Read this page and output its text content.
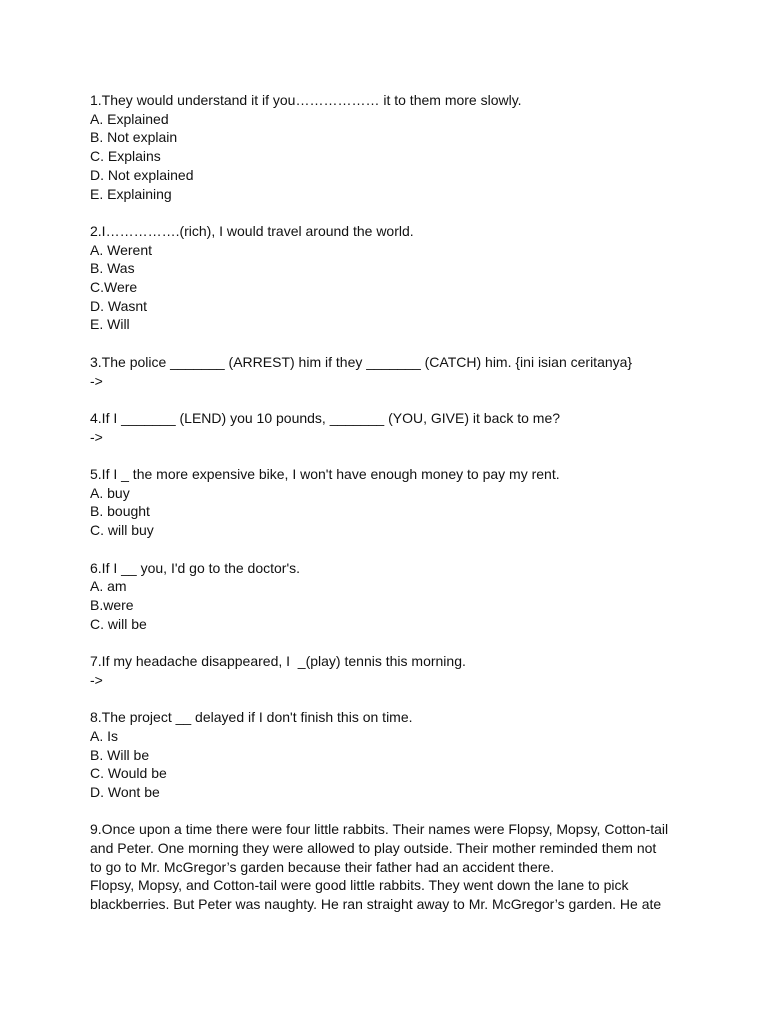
1.They would understand it if you……………… it to them more slowly.
A. Explained
B. Not explain
C. Explains
D. Not explained
E. Explaining
2.I…………….(rich), I would travel around the world.
A. Werent
B. Was
C.Were
D. Wasnt
E. Will
3.The police _______ (ARREST) him if they _______ (CATCH) him. {ini isian ceritanya}
->
4.If I _______ (LEND) you 10 pounds, _______ (YOU, GIVE) it back to me?
->
5.If I _ the more expensive bike, I won't have enough money to pay my rent.
A. buy
B. bought
C. will buy
6.If I __ you, I'd go to the doctor's.
A. am
B.were
C. will be
7.If my headache disappeared, I  _(play) tennis this morning.
->
8.The project __ delayed if I don't finish this on time.
A. Is
B. Will be
C. Would be
D. Wont be
9.Once upon a time there were four little rabbits. Their names were Flopsy, Mopsy, Cotton-tail and Peter. One morning they were allowed to play outside. Their mother reminded them not to go to Mr. McGregor’s garden because their father had an accident there.
Flopsy, Mopsy, and Cotton-tail were good little rabbits. They went down the lane to pick blackberries. But Peter was naughty. He ran straight away to Mr. McGregor’s garden. He ate
